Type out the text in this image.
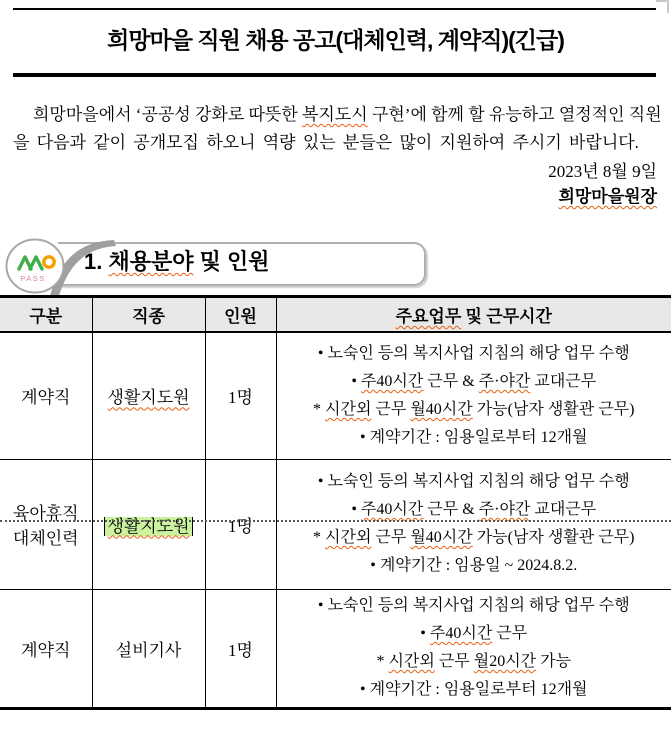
희망마을 직원 채용 공고(대체인력, 계약직)(긴급)
희망마을에서 ‘공공성 강화로 따뜻한 복지도시 구현’에 함께 할 유능하고 열정적인 직원
을 다음과 같이 공개모집 하오니 역량 있는 분들은 많이 지원하여 주시기 바랍니다.
2023년 8월 9일
희망마을원장
PASS
1. 채용분야 및 인원
구분	직종	인원	주요업무 및 근무시간
계약직	생활지도원	1명	• 노숙인 등의 복지사업 지침의 해당 업무 수행
• 주40시간 근무 & 주·야간 교대근무
* 시간외 근무 월40시간 가능(남자 생활관 근무)
• 계약기간 : 임용일로부터 12개월

육아휴직
대체인력	생활지도원	1명	
• 노숙인 등의 복지사업 지침의 해당 업무 수행
• 주40시간 근무 & 주·야간 교대근무
* 시간외 근무 월40시간 가능(남자 생활관 근무)
• 계약기간 : 임용일 ~ 2024.8.2.

계약직	설비기사	1명	• 노숙인 등의 복지사업 지침의 해당 업무 수행
• 주40시간 근무
* 시간외 근무 월20시간 가능
• 계약기간 : 임용일로부터 12개월
